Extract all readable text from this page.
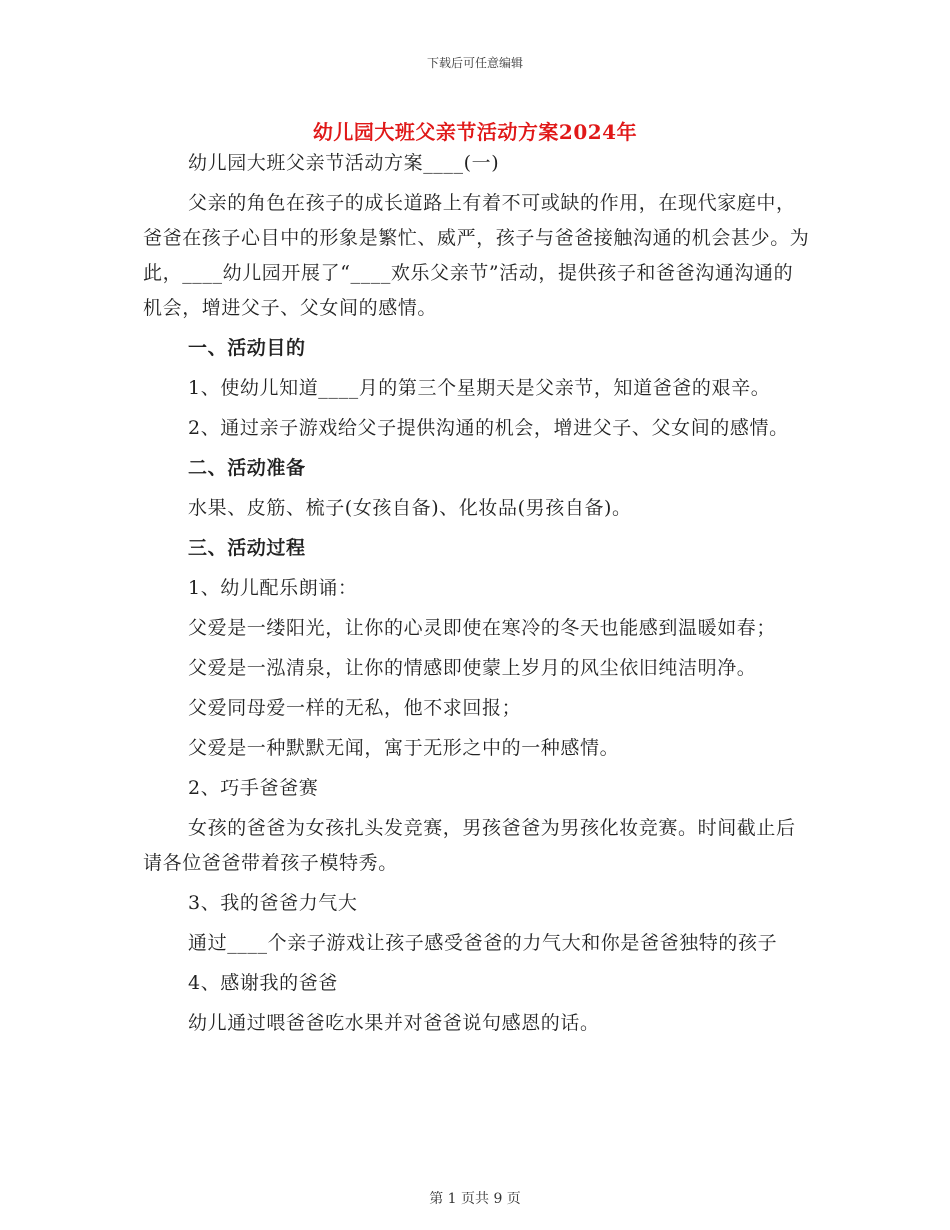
下载后可任意编辑
幼儿园大班父亲节活动方案2024年

幼儿园大班父亲节活动方案____(一)

父亲的角色在孩子的成长道路上有着不可或缺的作用，在现代家庭中，爸爸在孩子心目中的形象是繁忙、威严，孩子与爸爸接触沟通的机会甚少。为此，____幼儿园开展了“____欢乐父亲节”活动，提供孩子和爸爸沟通沟通的机会，增进父子、父女间的感情。

一、活动目的

1、使幼儿知道____月的第三个星期天是父亲节，知道爸爸的艰辛。

2、通过亲子游戏给父子提供沟通的机会，增进父子、父女间的感情。

二、活动准备

水果、皮筋、梳子(女孩自备)、化妆品(男孩自备)。

三、活动过程

1、幼儿配乐朗诵：

父爱是一缕阳光，让你的心灵即使在寒冷的冬天也能感到温暖如春；

父爱是一泓清泉，让你的情感即使蒙上岁月的风尘依旧纯洁明净。

父爱同母爱一样的无私，他不求回报；

父爱是一种默默无闻，寓于无形之中的一种感情。

2、巧手爸爸赛

女孩的爸爸为女孩扎头发竞赛，男孩爸爸为男孩化妆竞赛。时间截止后请各位爸爸带着孩子模特秀。

3、我的爸爸力气大

通过____个亲子游戏让孩子感受爸爸的力气大和你是爸爸独特的孩子

4、感谢我的爸爸

幼儿通过喂爸爸吃水果并对爸爸说句感恩的话。

第 1 页共 9 页
